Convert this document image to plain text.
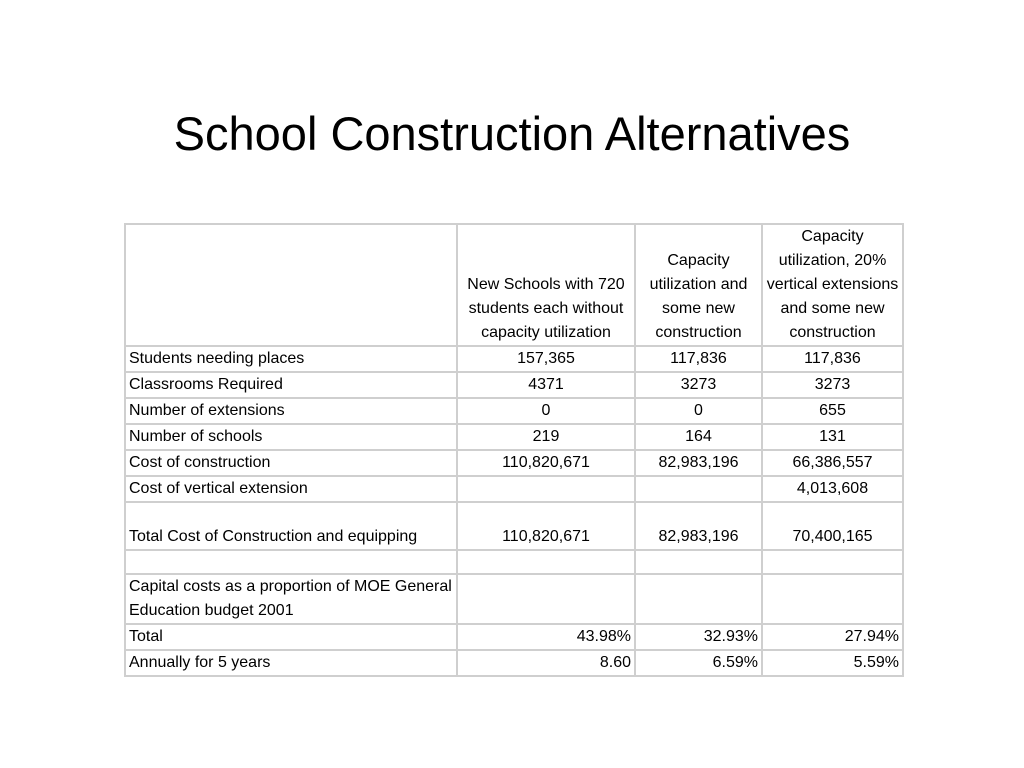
School Construction Alternatives
	New Schools with 720 students each without capacity utilization	Capacity utilization and some new construction	Capacity utilization, 20% vertical extensions and some new construction
Students needing places	157,365	117,836	117,836
Classrooms Required	4371	3273	3273
Number of extensions	0	0	655
Number of schools	219	164	131
Cost of construction	110,820,671	82,983,196	66,386,557
Cost of vertical extension			4,013,608
Total Cost of Construction and equipping	110,820,671	82,983,196	70,400,165

Capital costs as a proportion of MOE General Education budget 2001			
Total	43.98%	32.93%	27.94%
Annually for 5 years	8.60	6.59%	5.59%
